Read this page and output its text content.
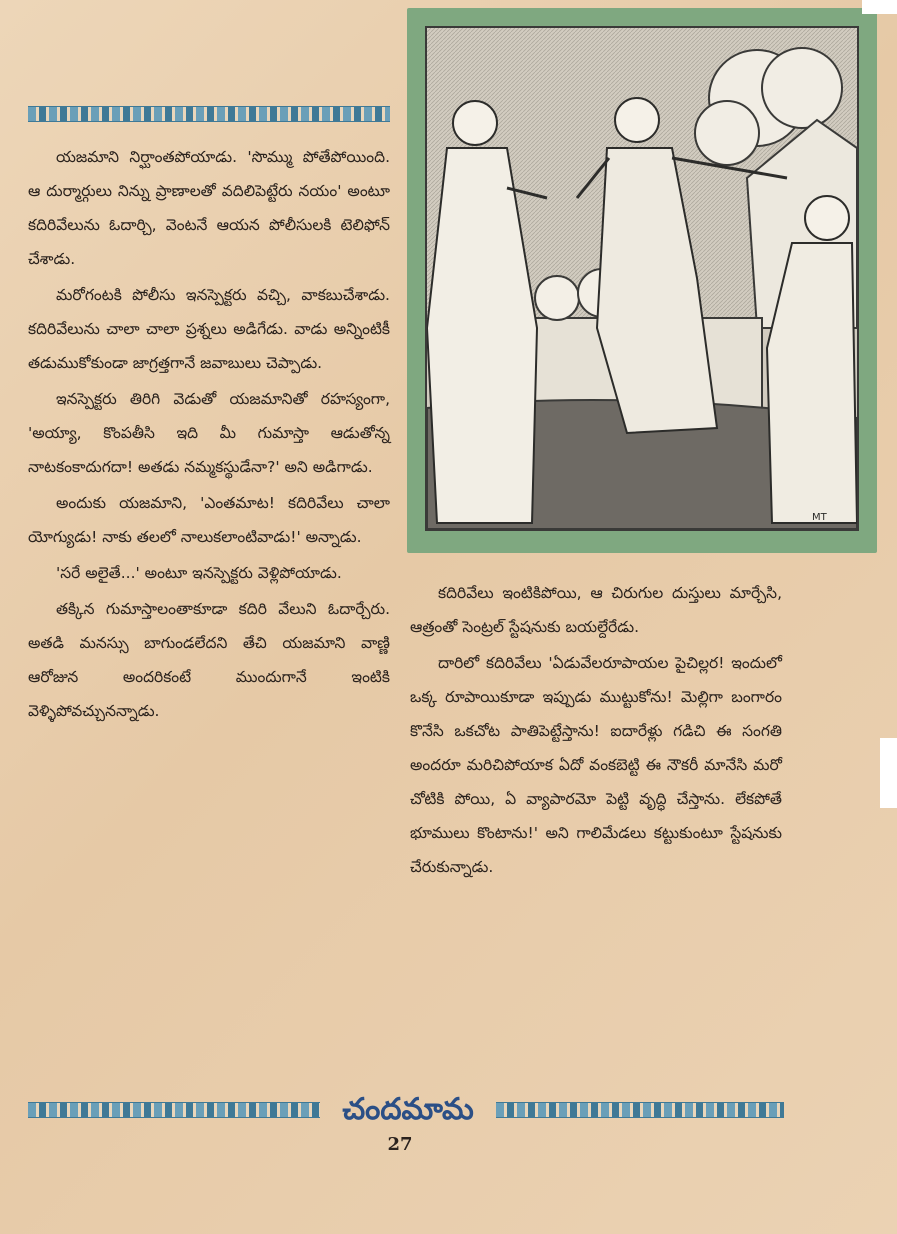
యజమాని నిర్ఘాంతపోయాడు. 'సొమ్ము పోతేపోయింది. ఆ దుర్మార్గులు నిన్ను ప్రాణాలతో వదిలిపెట్టేరు నయం' అంటూ కదిరివేలును ఓదార్చి, వెంటనే ఆయన పోలీసులకి టెలిఫోన్ చేశాడు.

మరోగంటకి పోలీసు ఇనస్పెక్టరు వచ్చి, వాకబుచేశాడు. కదిరివేలును చాలా చాలా ప్రశ్నలు అడిగేడు. వాడు అన్నింటికీ తడుముకోకుండా జాగ్రత్తగానే జవాబులు చెప్పాడు.

ఇనస్పెక్టరు తిరిగి వెడుతో యజమానితో రహస్యంగా, 'అయ్యా, కొంపతీసి ఇది మీ గుమాస్తా ఆడుతోన్న నాటకంకాదుగదా! అతడు నమ్మకస్థుడేనా?' అని అడిగాడు.

అందుకు యజమాని, 'ఎంతమాట! కదిరివేలు చాలా యోగ్యుడు! నాకు తలలో నాలుకలాంటివాడు!' అన్నాడు.

'సరే అలైతే...' అంటూ ఇనస్పెక్టరు వెళ్లిపోయాడు.

తక్కిన గుమాస్తాలంతాకూడా కదిరి వేలుని ఓదార్చేరు. అతడి మనస్సు బాగుండలేదని తేచి యజమాని వాణ్ణి ఆరోజున అందరికంటే ముందుగానే ఇంటికి వెళ్ళిపోవచ్చునన్నాడు.

MT

కదిరివేలు ఇంటికిపోయి, ఆ చిరుగుల దుస్తులు మార్చేసి, ఆత్రంతో సెంట్రల్ స్టేషనుకు బయల్దేరేడు.

దారిలో కదిరివేలు 'ఏడువేలరూపాయల పైచిల్లర! ఇందులో ఒక్క రూపాయికూడా ఇప్పుడు ముట్టుకోను! మెల్లిగా బంగారం కొనేసి ఒకచోట పాతిపెట్టేస్తాను! ఐదారేళ్లు గడిచి ఈ సంగతి అందరూ మరిచిపోయాక ఏదో వంకబెట్టి ఈ నౌకరీ మానేసి మరో చోటికి పోయి, ఏ వ్యాపారమో పెట్టి వృద్ధి చేస్తాను. లేకపోతే భూములు కొంటాను!' అని గాలిమేడలు కట్టుకుంటూ స్టేషనుకు చేరుకున్నాడు.

చందమామ
27
